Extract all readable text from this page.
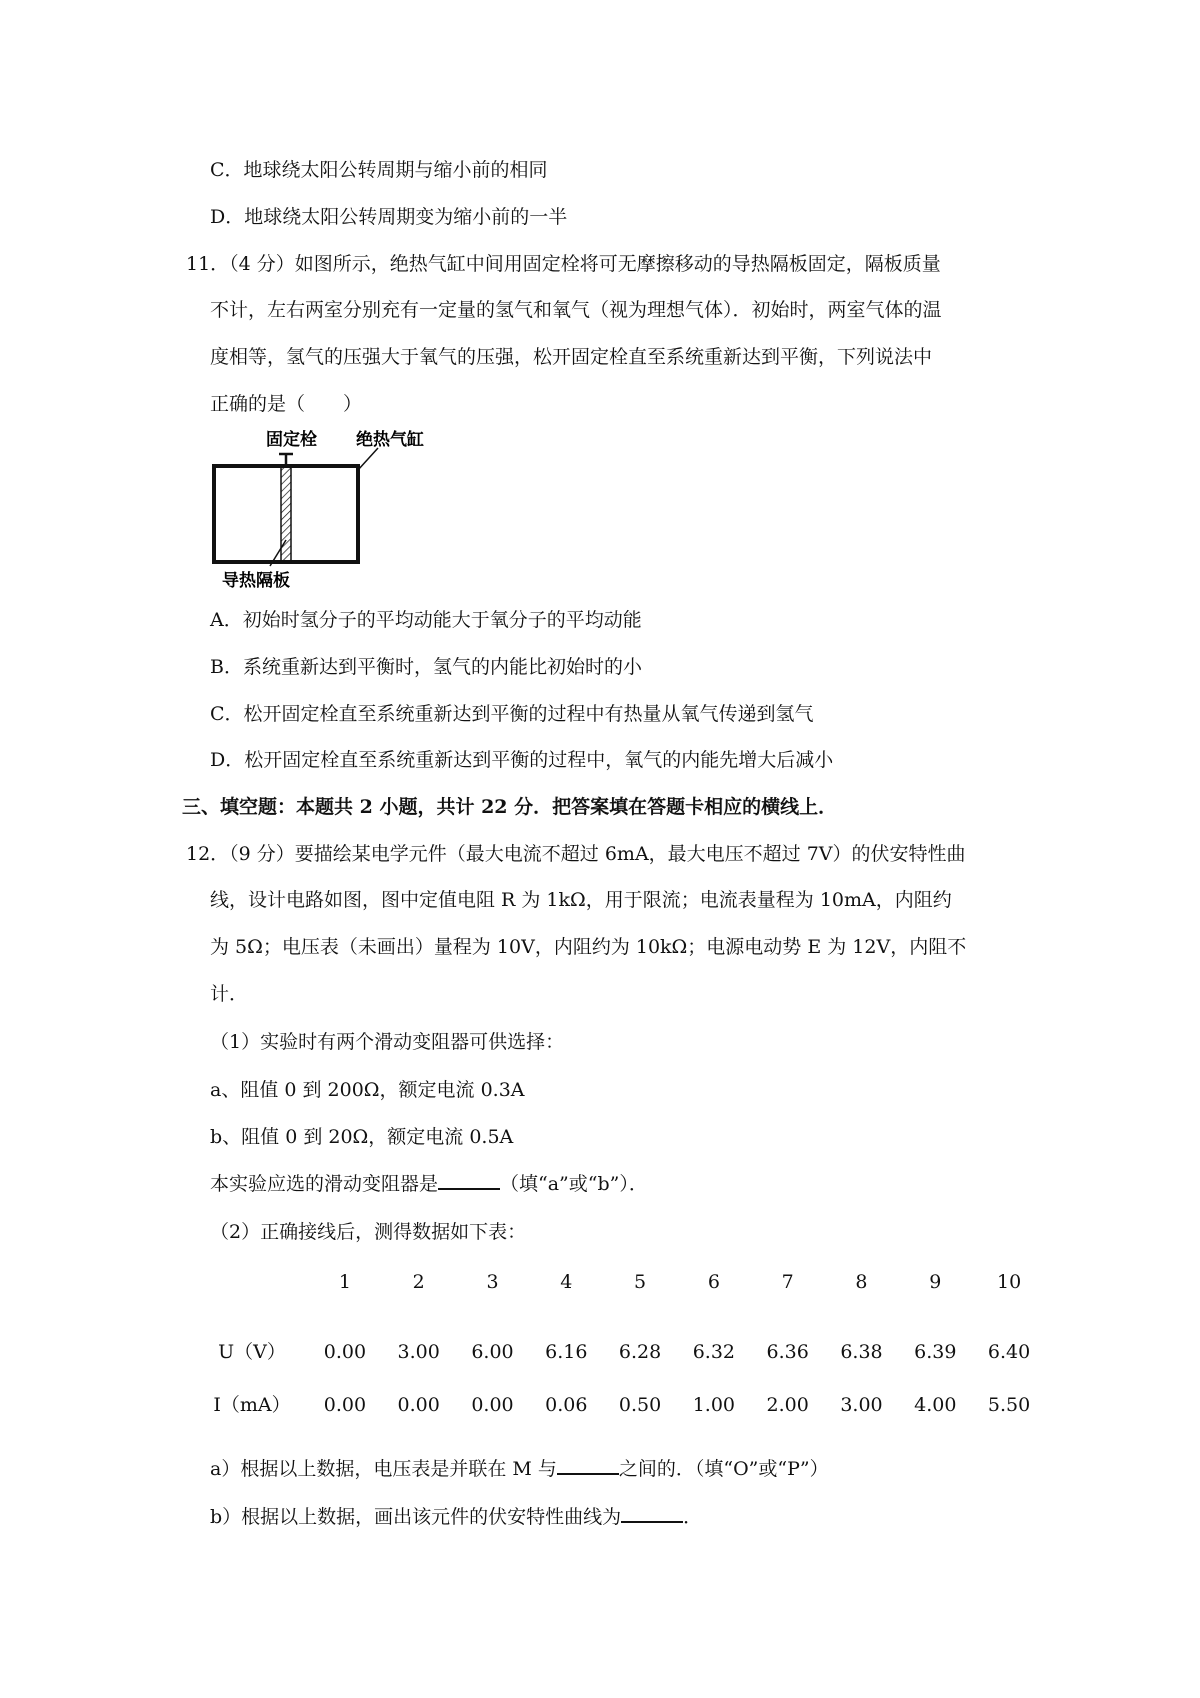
C．地球绕太阳公转周期与缩小前的相同
D．地球绕太阳公转周期变为缩小前的一半
11．（4 分）如图所示，绝热气缸中间用固定栓将可无摩擦移动的导热隔板固定，隔板质量
不计，左右两室分别充有一定量的氢气和氧气（视为理想气体）．初始时，两室气体的温
度相等，氢气的压强大于氧气的压强，松开固定栓直至系统重新达到平衡，下列说法中
正确的是（　　）
固定栓 绝热气缸
导热隔板
A．初始时氢分子的平均动能大于氧分子的平均动能
B．系统重新达到平衡时，氢气的内能比初始时的小
C．松开固定栓直至系统重新达到平衡的过程中有热量从氧气传递到氢气
D．松开固定栓直至系统重新达到平衡的过程中，氧气的内能先增大后减小
三、填空题：本题共 2 小题，共计 22 分．把答案填在答题卡相应的横线上．
12．（9 分）要描绘某电学元件（最大电流不超过 6mA，最大电压不超过 7V）的伏安特性曲
线，设计电路如图，图中定值电阻 R 为 1kΩ，用于限流；电流表量程为 10mA，内阻约
为 5Ω；电压表（未画出）量程为 10V，内阻约为 10kΩ；电源电动势 E 为 12V，内阻不
计．
（1）实验时有两个滑动变阻器可供选择：
a、阻值 0 到 200Ω，额定电流 0.3A
b、阻值 0 到 20Ω，额定电流 0.5A
本实验应选的滑动变阻器是	（填“a”或“b”）．
（2）正确接线后，测得数据如下表：
	1	2	3	4	5	6	7	8	9	10

U（V）	0.00	3.00	6.00	6.16	6.28	6.32	6.36	6.38	6.39	6.40

I（mA）	0.00	0.00	0.00	0.06	0.50	1.00	2.00	3.00	4.00	5.50
a）根据以上数据，电压表是并联在 M 与	之间的．（填“O”或“P”）
b）根据以上数据，画出该元件的伏安特性曲线为	．
